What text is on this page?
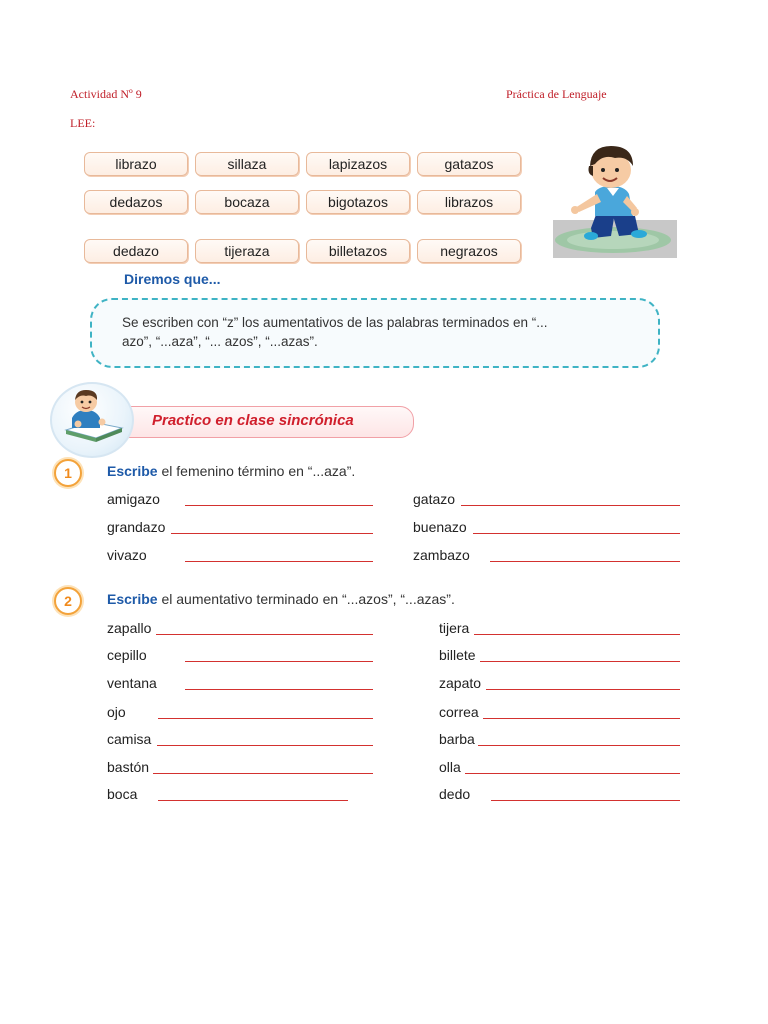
Actividad Nº 9	Práctica de Lenguaje
LEE:
librazo	sillaza	lapizazos	gatazos
dedazos	bocaza	bigotazos	librazos
dedazo	tijeraza	billetazos	negrazos
Diremos que...
Se escriben con “z” los aumentativos de las palabras terminados en “...
azo”, “...aza”, “... azos”, “...azas”.
Practico en clase sincrónica
1	Escribe el femenino término en “...aza”.
amigazo	gatazo
grandazo	buenazo
vivazo	zambazo
2	Escribe el aumentativo terminado en “...azos”, “...azas”.
zapallo	tijera
cepillo	billete
ventana	zapato
ojo	correa
camisa	barba
bastón	olla
boca	dedo
